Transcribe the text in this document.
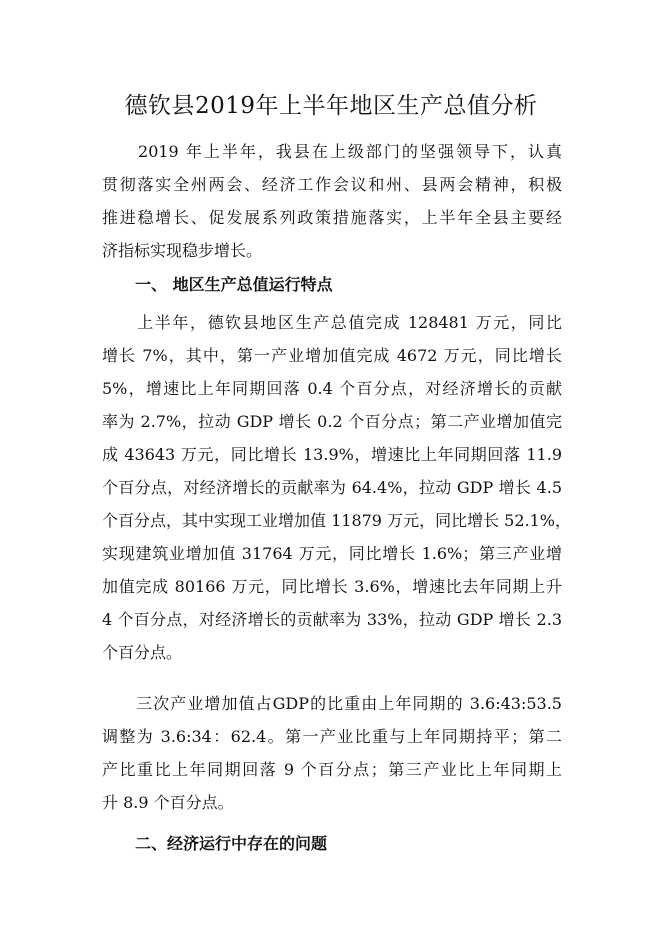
德钦县2019年上半年地区生产总值分析
　　2019 年上半年，我县在上级部门的坚强领导下，认真
贯彻落实全州两会、经济工作会议和州、县两会精神，积极
推进稳增长、促发展系列政策措施落实，上半年全县主要经
济指标实现稳步增长。
一、 地区生产总值运行特点
　　上半年，德钦县地区生产总值完成 128481 万元，同比
增长 7%，其中，第一产业增加值完成 4672 万元，同比增长
5%，增速比上年同期回落 0.4 个百分点，对经济增长的贡献
率为 2.7%，拉动 GDP 增长 0.2 个百分点；第二产业增加值完
成 43643 万元，同比增长 13.9%，增速比上年同期回落 11.9
个百分点，对经济增长的贡献率为 64.4%，拉动 GDP 增长 4.5
个百分点，其中实现工业增加值 11879 万元，同比增长 52.1%，
实现建筑业增加值 31764 万元，同比增长 1.6%；第三产业增
加值完成 80166 万元，同比增长 3.6%，增速比去年同期上升
4 个百分点，对经济增长的贡献率为 33%，拉动 GDP 增长 2.3
个百分点。
　　三次产业增加值占GDP的比重由上年同期的 3.6:43:53.5
调整为 3.6:34：62.4。第一产业比重与上年同期持平；第二
产比重比上年同期回落 9 个百分点；第三产业比上年同期上
升 8.9 个百分点。
二、经济运行中存在的问题
